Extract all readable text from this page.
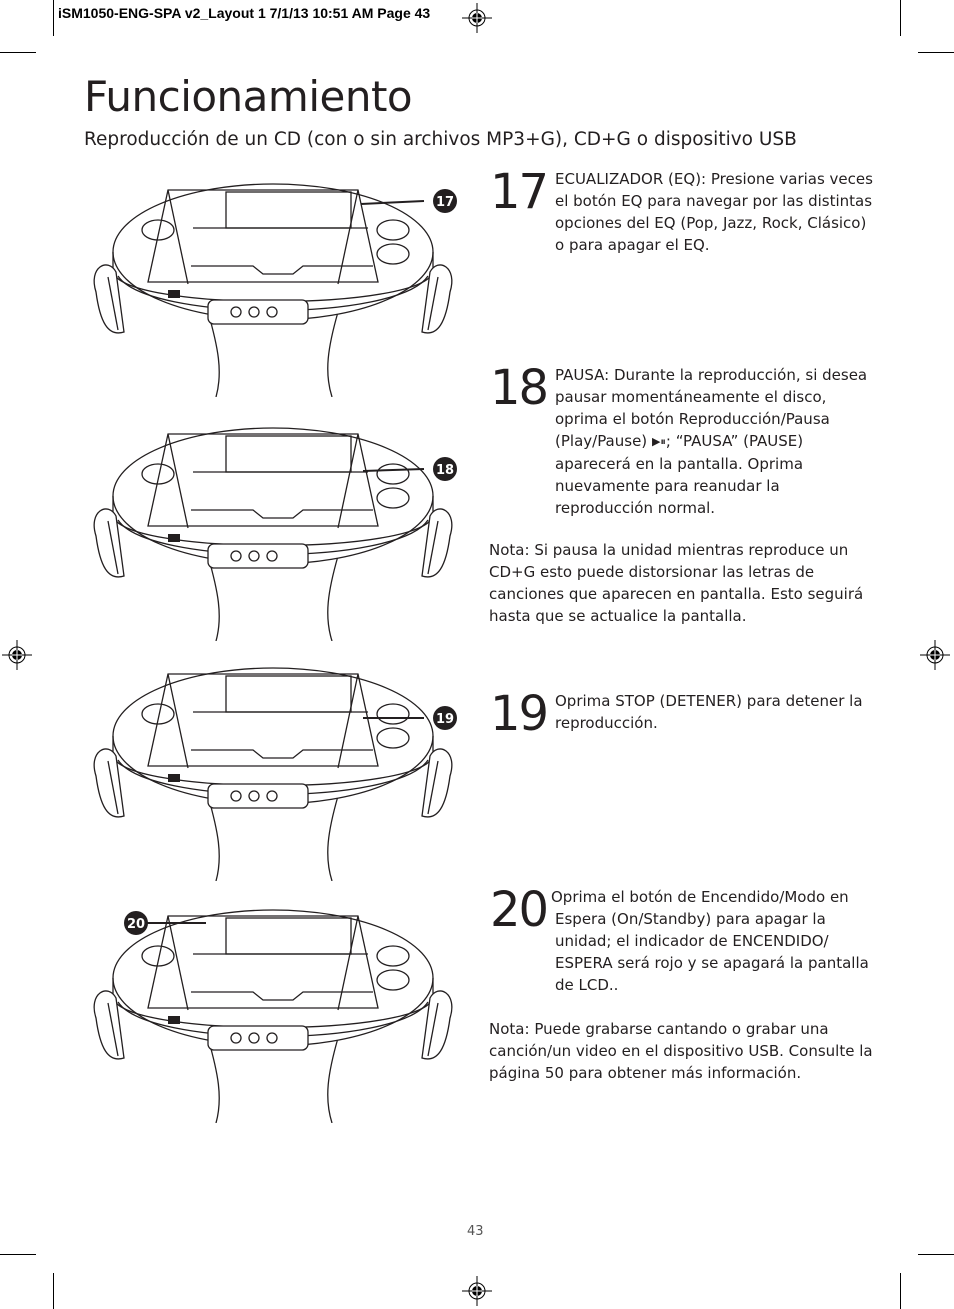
iSM1050-ENG-SPA v2_Layout 1 7/1/13 10:51 AM Page 43
Funcionamiento
Reproducción de un CD (con o sin archivos MP3+G), CD+G o dispositivo USB
17
18
19
20
17 ECUALIZADOR (EQ): Presione varias veces el botón EQ para navegar por las distintas opciones del EQ (Pop, Jazz, Rock, Clásico) o para apagar el EQ.
18 PAUSA: Durante la reproducción, si desea pausar momentáneamente el disco, oprima el botón Reproducción/Pausa (Play/Pause) ▶⏸; “PAUSA” (PAUSE) aparecerá en la pantalla. Oprima nuevamente para reanudar la reproducción normal.
Nota: Si pausa la unidad mientras reproduce un CD+G esto puede distorsionar las letras de canciones que aparecen en pantalla. Esto seguirá hasta que se actualice la pantalla.
19 Oprima STOP (DETENER) para detener la reproducción.
20 Oprima el botón de Encendido/Modo en Espera (On/Standby) para apagar la unidad; el indicador de ENCENDIDO/ ESPERA será rojo y se apagará la pantalla de LCD..
Nota: Puede grabarse cantando o grabar una canción/un video en el dispositivo USB. Consulte la página 50 para obtener más información.
43
